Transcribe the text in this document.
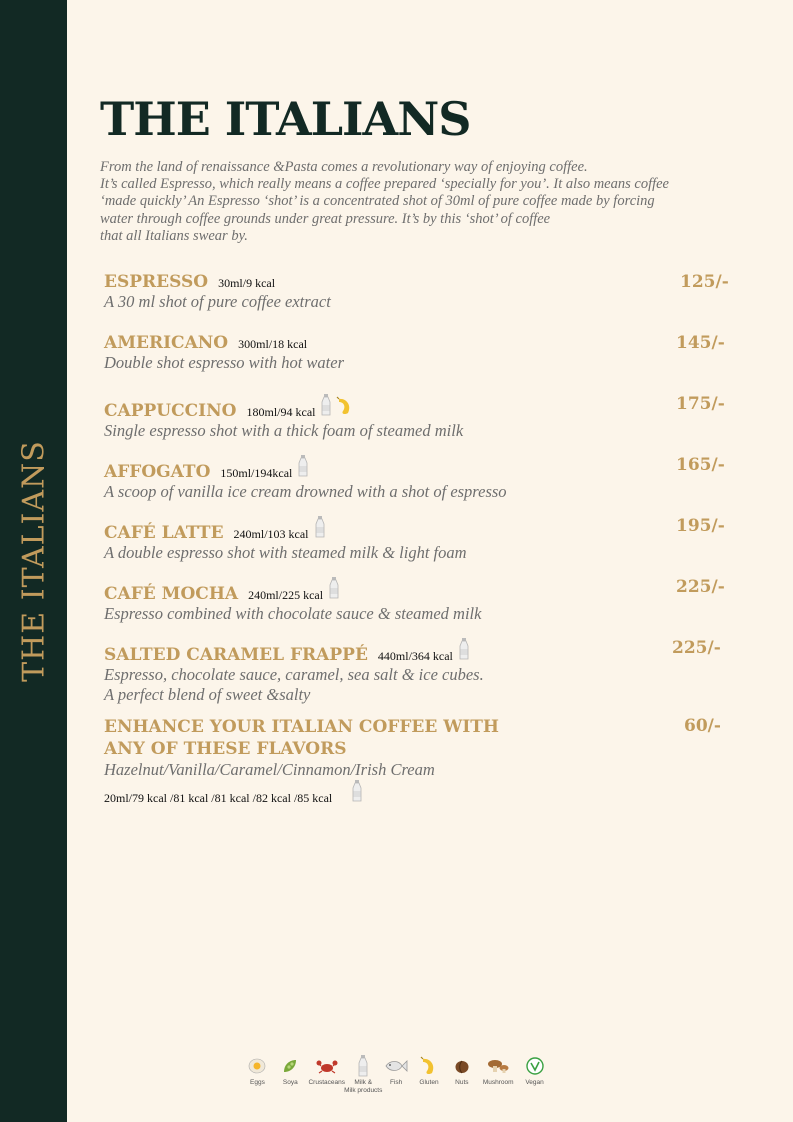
THE ITALIANS
THE ITALIANS
From the land of renaissance &Pasta comes a revolutionary way of enjoying coffee.
It’s called Espresso, which really means a coffee prepared ‘specially for you’. It also means coffee
‘made quickly’ An Espresso ‘shot’ is a concentrated shot of 30ml of pure coffee made by forcing
water through coffee grounds under great pressure. It’s by this ‘shot’ of coffee
that all Italians swear by.
ESPRESSO 30ml/9 kcal
A 30 ml shot of pure coffee extract
125/-
AMERICANO 300ml/18 kcal
Double shot espresso with hot water
145/-
CAPPUCCINO 180ml/94 kcal
Single espresso shot with a thick foam of steamed milk
175/-
AFFOGATO 150ml/194kcal
A scoop of vanilla ice cream drowned with a shot of espresso
165/-
CAFÉ LATTE 240ml/103 kcal
A double espresso shot with steamed milk & light foam
195/-
CAFÉ MOCHA 240ml/225 kcal
Espresso combined with chocolate sauce & steamed milk
225/-
SALTED CARAMEL FRAPPÉ 440ml/364 kcal
Espresso, chocolate sauce, caramel, sea salt & ice cubes.
A perfect blend of sweet &salty
225/-
ENHANCE YOUR ITALIAN COFFEE WITH
ANY OF THESE FLAVORS
Hazelnut/Vanilla/Caramel/Cinnamon/Irish Cream
20ml/79 kcal /81 kcal /81 kcal /82 kcal /85 kcal
60/-
Eggs	Soya Crustaceans	Milk &
Milk products
Fish	Gluten	Nuts Mushroom Vegan
